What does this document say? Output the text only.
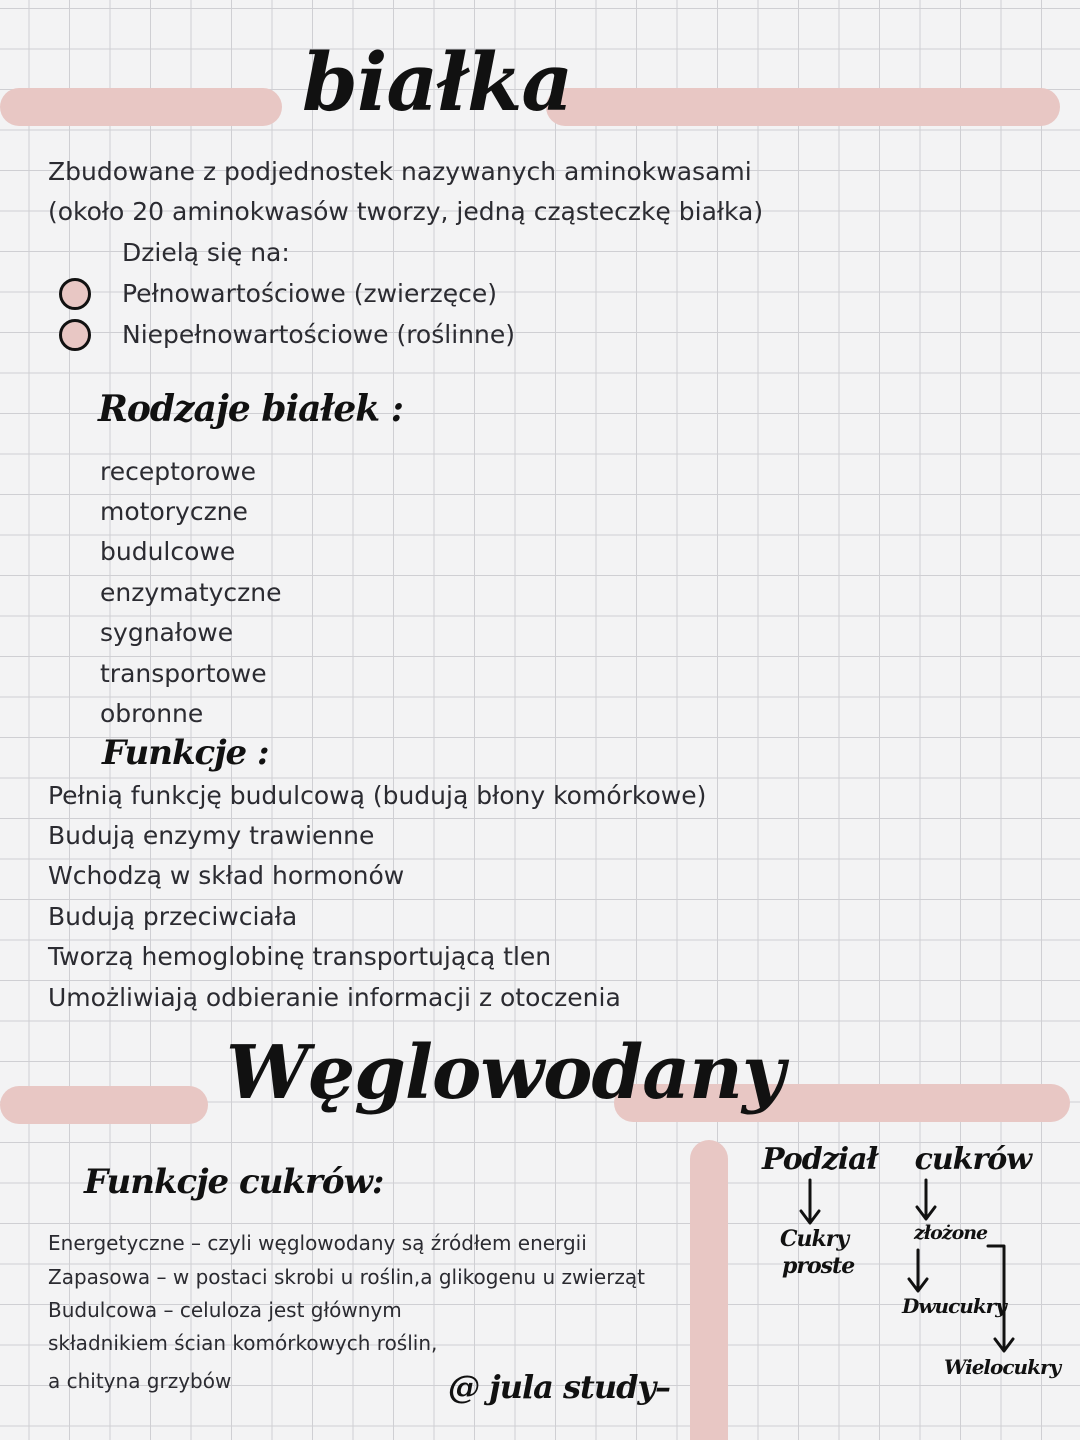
białka
Zbudowane z podjednostek nazywanych aminokwasami
(około 20 aminokwasów tworzy, jedną cząsteczkę białka)
Dzielą się na:
Pełnowartościowe (zwierzęce)
Niepełnowartościowe (roślinne)
Rodzaje białek :
receptorowe
motoryczne
budulcowe
enzymatyczne
sygnałowe
transportowe
obronne
Funkcje :
Pełnią funkcję budulcową (budują błony komórkowe)
Budują enzymy trawienne
Wchodzą w skład hormonów
Budują przeciwciała
Tworzą hemoglobinę transportującą tlen
Umożliwiają odbieranie informacji z otoczenia
Węglowodany
Funkcje cukrów:
Energetyczne – czyli węglowodany są źródłem energii
Zapasowa – w postaci skrobi u roślin,a glikogenu u zwierząt
Budulcowa – celuloza jest głównym
składnikiem ścian komórkowych roślin,
a chityna grzybów
Podział cukrów
Cukry
proste
złożone
Dwucukry
Wielocukry
@ jula study–
